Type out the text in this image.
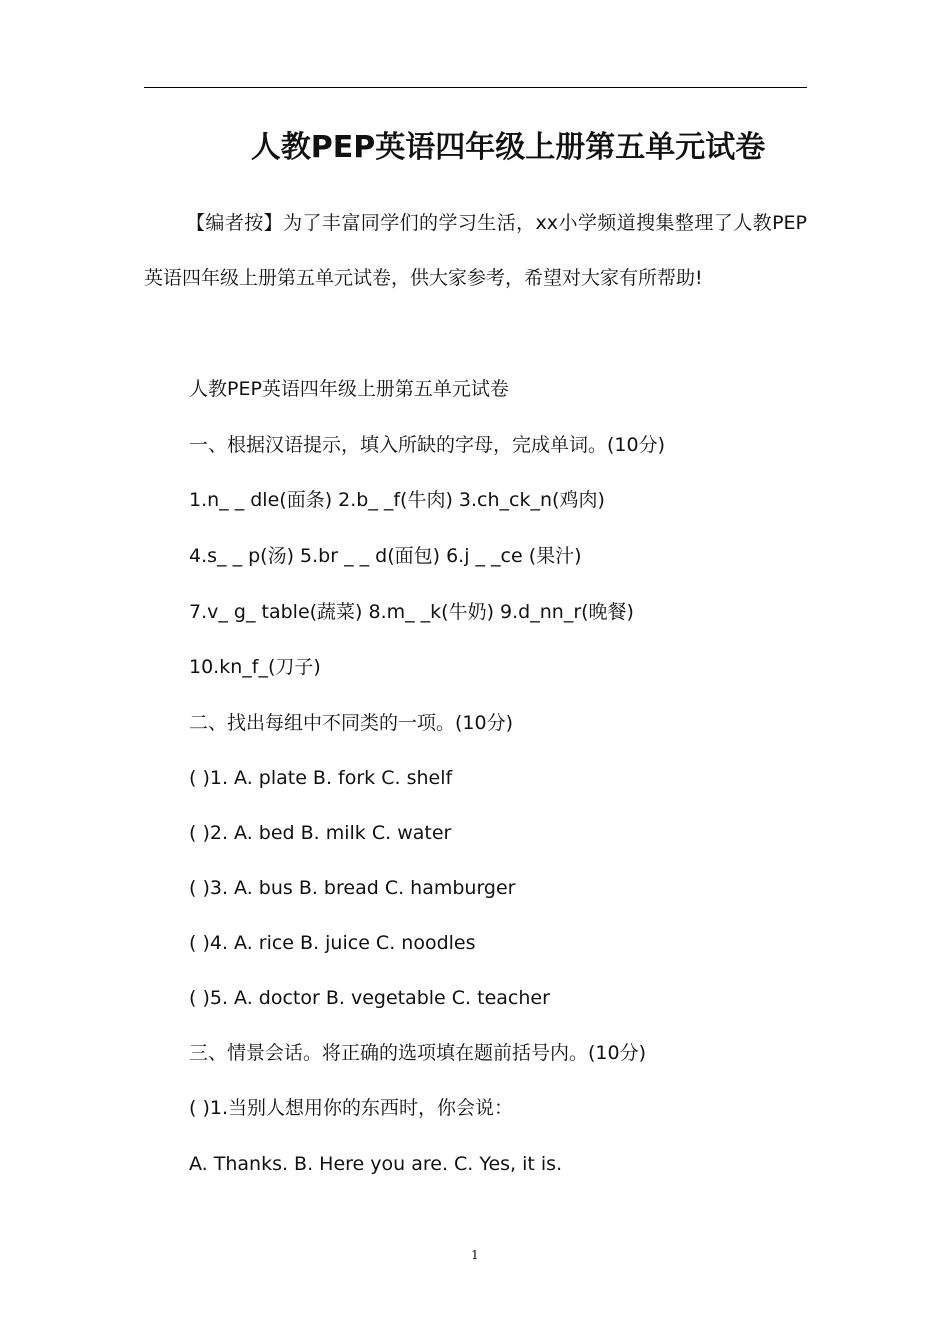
人教PEP英语四年级上册第五单元试卷
【编者按】为了丰富同学们的学习生活，xx小学频道搜集整理了人教PEP英语四年级上册第五单元试卷，供大家参考，希望对大家有所帮助!
人教PEP英语四年级上册第五单元试卷
一、根据汉语提示，填入所缺的字母，完成单词。(10分)
1.n_ _ dle(面条) 2.b_ _f(牛肉) 3.ch_ck_n(鸡肉)
4.s_ _ p(汤) 5.br _ _ d(面包) 6.j _ _ce (果汁)
7.v_ g_ table(蔬菜) 8.m_ _k(牛奶) 9.d_nn_r(晚餐)
10.kn_f_(刀子)
二、找出每组中不同类的一项。(10分)
( )1. A. plate B. fork C. shelf
( )2. A. bed B. milk C. water
( )3. A. bus B. bread C. hamburger
( )4. A. rice B. juice C. noodles
( )5. A. doctor B. vegetable C. teacher
三、情景会话。将正确的选项填在题前括号内。(10分)
( )1.当别人想用你的东西时，你会说：
A. Thanks. B. Here you are. C. Yes, it is.
1
